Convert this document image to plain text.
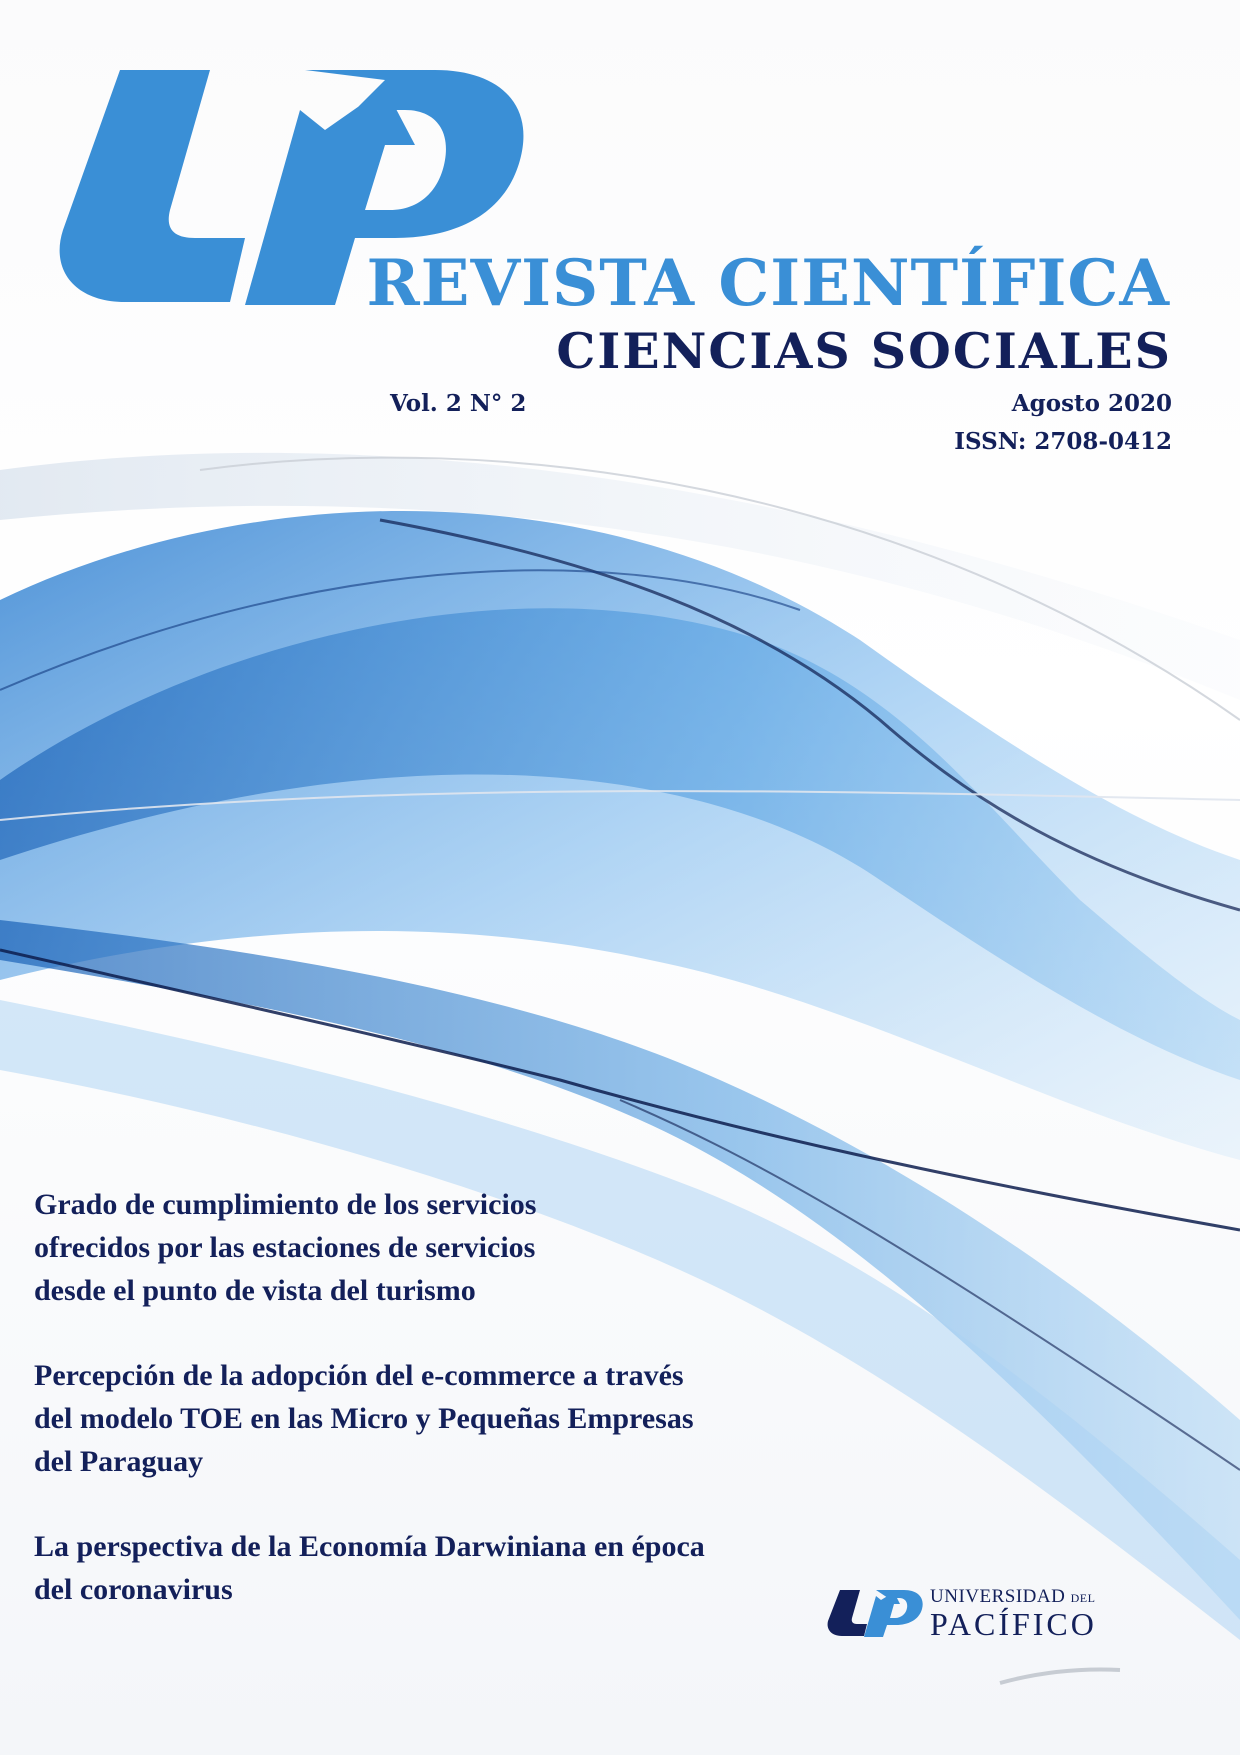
REVISTA CIENTÍFICA
CIENCIAS SOCIALES
Vol. 2 N° 2	Agosto 2020
ISSN: 2708-0412

Grado de cumplimiento de los servicios
ofrecidos por las estaciones de servicios
desde el punto de vista del turismo

Percepción de la adopción del e-commerce a través
del modelo TOE en las Micro y Pequeñas Empresas
del Paraguay

La perspectiva de la Economía Darwiniana en época
del coronavirus	UNIVERSIDAD DEL
PACÍFICO
